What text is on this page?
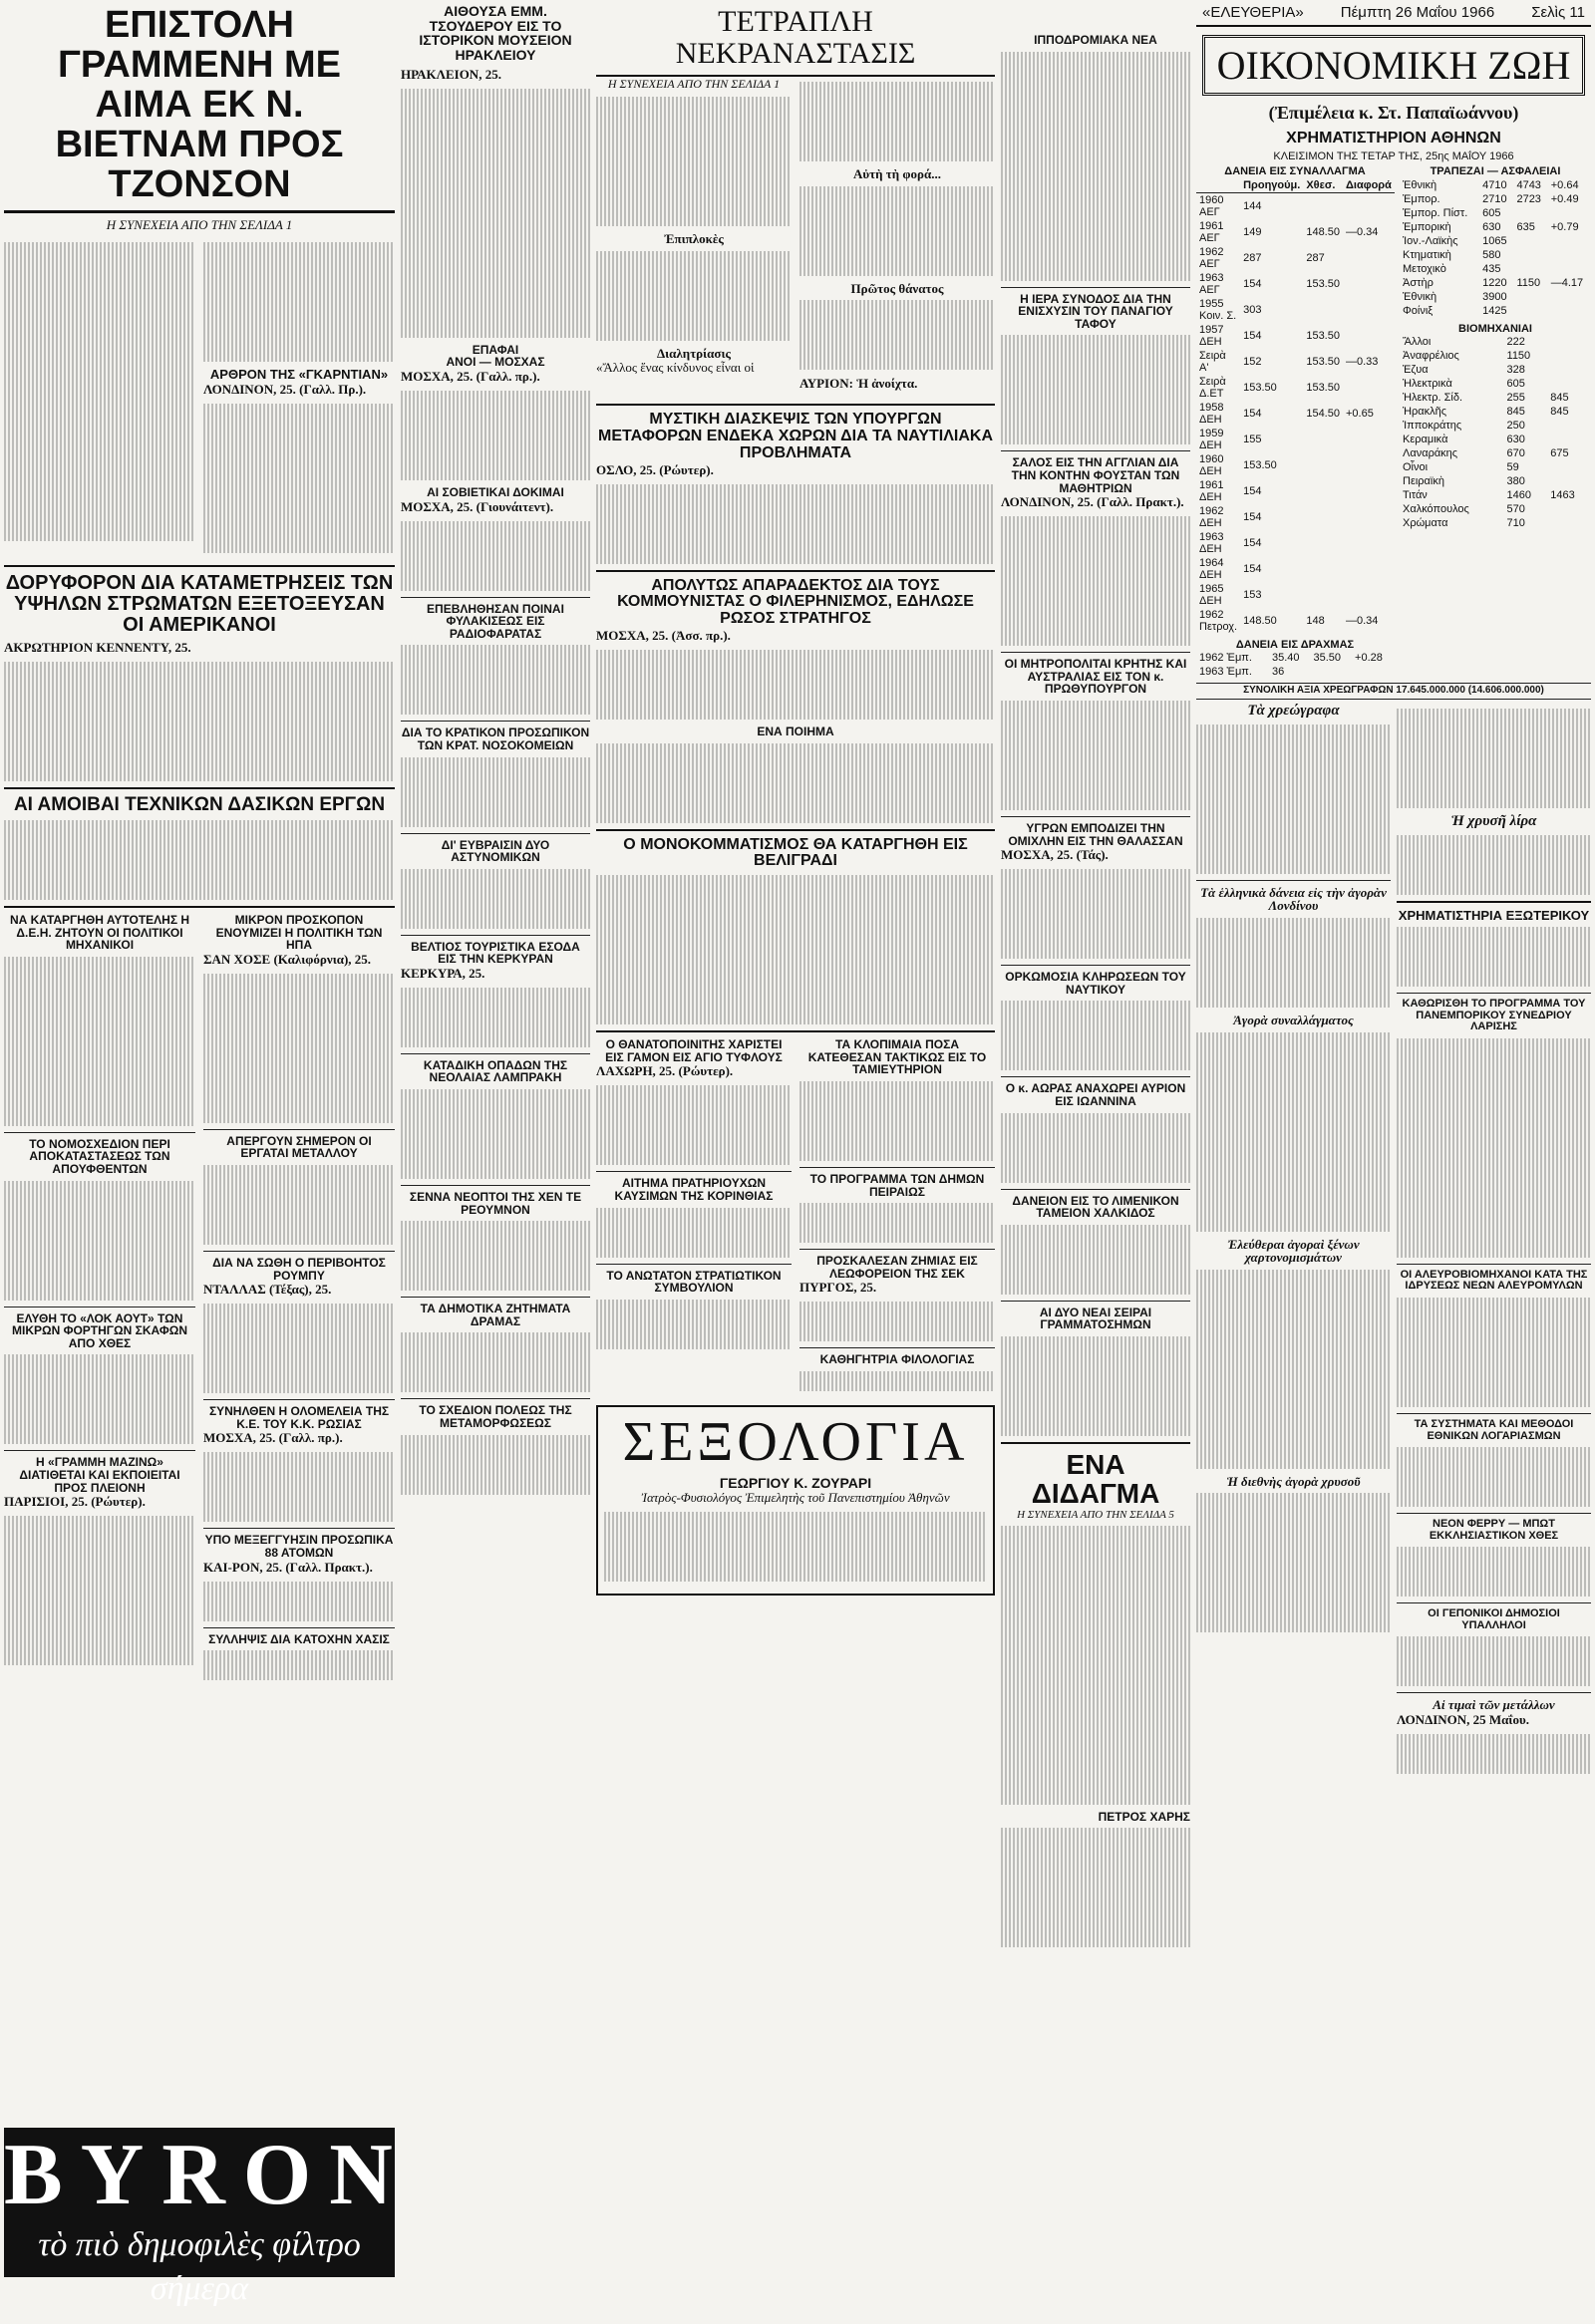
ΕΠΙΣΤΟΛΗ ΓΡΑΜΜΕΝΗ ΜΕ ΑΙΜΑ ΕΚ Ν. ΒΙΕΤΝΑΜ ΠΡΟΣ ΤΖΟΝΣΟΝ
Η ΣΥΝΕΧΕΙΑ ΑΠΟ ΤΗΝ ΣΕΛΙΔΑ 1

ΑΡΘΡΟΝ ΤΗΣ «ΓΚΑΡΝΤΙΑΝ»
ΛΟΝΔΙΝΟΝ, 25. (Γαλλ. Πρ.).

ΔΟΡΥΦΟΡΟΝ ΔΙΑ ΚΑΤΑΜΕΤΡΗΣΕΙΣ ΤΩΝ ΥΨΗΛΩΝ ΣΤΡΩΜΑΤΩΝ ΕΞΕΤΟΞΕΥΣΑΝ ΟΙ ΑΜΕΡΙΚΑΝΟΙ
ΑΚΡΩΤΗΡΙΟΝ ΚΕΝΝΕΝΤΥ, 25.

ΑΙ ΑΜΟΙΒΑΙ ΤΕΧΝΙΚΩΝ ΔΑΣΙΚΩΝ ΕΡΓΩΝ

ΝΑ ΚΑΤΑΡΓΗΘΗ ΑΥΤΟΤΕΛΗΣ Η Δ.Ε.Η. ΖΗΤΟΥΝ ΟΙ ΠΟΛΙΤΙΚΟΙ ΜΗΧΑΝΙΚΟΙ

ΤΟ ΝΟΜΟΣΧΕΔΙΟΝ ΠΕΡΙ ΑΠΟΚΑΤΑΣΤΑΣΕΩΣ ΤΩΝ ΑΠΟΥΦΘΕΝΤΩΝ

ΕΛΥΘΗ ΤΟ «ΛΟΚ ΑΟΥΤ» ΤΩΝ ΜΙΚΡΩΝ ΦΟΡΤΗΓΩΝ ΣΚΑΦΩΝ ΑΠΟ ΧΘΕΣ

Η «ΓΡΑΜΜΗ ΜΑΖΙΝΩ» ΔΙΑΤΙΘΕΤΑΙ ΚΑΙ ΕΚΠΟΙΕΙΤΑΙ ΠΡΟΣ ΠΛΕΙΟΝΗ
ΠΑΡΙΣΙΟΙ, 25. (Ρώυτερ).

ΜΙΚΡΟΝ ΠΡΟΣΚΟΠΟΝ ΕΝΟΥΜΙΖΕΙ Η ΠΟΛΙΤΙΚΗ ΤΩΝ ΗΠΑ
ΣΑΝ ΧΟΣΕ (Καλιφόρνια), 25.

ΑΠΕΡΓΟΥΝ ΣΗΜΕΡΟΝ ΟΙ ΕΡΓΑΤΑΙ ΜΕΤΑΛΛΟΥ

ΔΙΑ ΝΑ ΣΩΘΗ Ο ΠΕΡΙΒΟΗΤΟΣ ΡΟΥΜΠΥ
ΝΤΑΛΛΑΣ (Τέξας), 25.

ΣΥΝΗΛΘΕΝ Η ΟΛΟΜΕΛΕΙΑ ΤΗΣ Κ.Ε. ΤΟΥ Κ.Κ. ΡΩΣΙΑΣ
ΜΟΣΧΑ, 25. (Γαλλ. πρ.).

ΥΠΟ ΜΕΞΕΓΓΥΗΣΙΝ ΠΡΟΣΩΠΙΚΑ 88 ΑΤΟΜΩΝ
ΚΑΙ-ΡΟΝ, 25. (Γαλλ. Πρακτ.).

ΣΥΛΛΗΨΙΣ ΔΙΑ ΚΑΤΟΧΗΝ ΧΑΣΙΣ

BYRON
τὸ πιὸ δημοφιλὲς φίλτρο σήμερα
ΑΙΘΟΥΣΑ ΕΜΜ. ΤΣΟΥΔΕΡΟΥ ΕΙΣ ΤΟ ΙΣΤΟΡΙΚΟΝ ΜΟΥΣΕΙΟΝ ΗΡΑΚΛΕΙΟΥ
ΗΡΑΚΛΕΙΟΝ, 25.

ΕΠΑΦΑΙ
ΑΝΟΙ — ΜΟΣΧΑΣ
ΜΟΣΧΑ, 25. (Γαλλ. πρ.).

ΑΙ ΣΟΒΙΕΤΙΚΑΙ ΔΟΚΙΜΑΙ
ΜΟΣΧΑ, 25. (Γιουνάιτεντ).

ΕΠΕΒΛΗΘΗΣΑΝ ΠΟΙΝΑΙ ΦΥΛΑΚΙΣΕΩΣ ΕΙΣ ΡΑΔΙΟΦΑΡΑΤΑΣ

ΔΙΑ ΤΟ ΚΡΑΤΙΚΟΝ ΠΡΟΣΩΠΙΚΟΝ ΤΩΝ ΚΡΑΤ. ΝΟΣΟΚΟΜΕΙΩΝ

ΔΙ' ΕΥΒΡΑΙΣΙΝ ΔΥΟ ΑΣΤΥΝΟΜΙΚΩΝ

ΒΕΛΤΙΟΣ ΤΟΥΡΙΣΤΙΚΑ ΕΣΟΔΑ ΕΙΣ ΤΗΝ ΚΕΡΚΥΡΑΝ
ΚΕΡΚΥΡΑ, 25.

ΚΑΤΑΔΙΚΗ ΟΠΑΔΩΝ ΤΗΣ ΝΕΟΛΑΙΑΣ ΛΑΜΠΡΑΚΗ

ΣΕΝΝΑ ΝΕΟΠΤΟΙ ΤΗΣ ΧΕΝ ΤΕ ΡΕΟΥΜΝΟΝ

ΤΑ ΔΗΜΟΤΙΚΑ ΖΗΤΗΜΑΤΑ ΔΡΑΜΑΣ

ΤΟ ΣΧΕΔΙΟΝ ΠΟΛΕΩΣ ΤΗΣ ΜΕΤΑΜΟΡΦΩΣΕΩΣ

ΤΕΤΡΑΠΛΗ ΝΕΚΡΑΝΑΣΤΑΣΙΣ
Η ΣΥΝΕΧΕΙΑ ΑΠΟ ΤΗΝ ΣΕΛΙΔΑ 1

Ἐπιπλοκὲς

Διαλητρίασις
«Ἄλλος ἕνας κίνδυνος εἶναι οἱ

Αὐτὴ τὴ φορά...

Πρῶτος θάνατος

ΑΥΡΙΟΝ: Ἡ ἀνοίχτα.
ΜΥΣΤΙΚΗ ΔΙΑΣΚΕΨΙΣ ΤΩΝ ΥΠΟΥΡΓΩΝ ΜΕΤΑΦΟΡΩΝ ΕΝΔΕΚΑ ΧΩΡΩΝ ΔΙΑ ΤΑ ΝΑΥΤΙΛΙΑΚΑ ΠΡΟΒΛΗΜΑΤΑ
ΟΣΛΟ, 25. (Ρώυτερ).

ΑΠΟΛΥΤΩΣ ΑΠΑΡΑΔΕΚΤΟΣ ΔΙΑ ΤΟΥΣ ΚΟΜΜΟΥΝΙΣΤΑΣ Ο ΦΙΛΕΡΗΝΙΣΜΟΣ, ΕΔΗΛΩΣΕ ΡΩΣΟΣ ΣΤΡΑΤΗΓΟΣ
ΜΟΣΧΑ, 25. (Ἀσσ. πρ.).

ΕΝΑ ΠΟΙΗΜΑ

Ο ΜΟΝΟΚΟΜΜΑΤΙΣΜΟΣ ΘΑ ΚΑΤΑΡΓΗΘΗ ΕΙΣ ΒΕΛΙΓΡΑΔΙ

Ο ΘΑΝΑΤΟΠΟΙΝΙΤΗΣ ΧΑΡΙΣΤΕΙ ΕΙΣ ΓΑΜΟΝ ΕΙΣ ΑΓΙΟ ΤΥΦΛΟΥΣ
ΛΑΧΩΡΗ, 25. (Ρώυτερ).

ΑΙΤΗΜΑ ΠΡΑΤΗΡΙΟΥΧΩΝ ΚΑΥΣΙΜΩΝ ΤΗΣ ΚΟΡΙΝΘΙΑΣ

ΤΟ ΑΝΩΤΑΤΟΝ ΣΤΡΑΤΙΩΤΙΚΟΝ ΣΥΜΒΟΥΛΙΟΝ

ΤΑ ΚΛΟΠΙΜΑΙΑ ΠΟΣΑ ΚΑΤΕΘΕΣΑΝ ΤΑΚΤΙΚΩΣ ΕΙΣ ΤΟ ΤΑΜΙΕΥΤΗΡΙΟΝ

ΤΟ ΠΡΟΓΡΑΜΜΑ ΤΩΝ ΔΗΜΩΝ ΠΕΙΡΑΙΩΣ

ΠΡΟΣΚΑΛΕΣΑΝ ΖΗΜΙΑΣ ΕΙΣ ΛΕΩΦΟΡΕΙΟΝ ΤΗΣ ΣΕΚ
ΠΥΡΓΟΣ, 25.

ΚΑΘΗΓΗΤΡΙΑ ΦΙΛΟΛΟΓΙΑΣ

ΣΕΞΟΛΟΓΙΑ
ΓΕΩΡΓΙΟΥ Κ. ΖΟΥΡΑΡΙ
Ἰατρὸς-Φυσιολόγος Ἐπιμελητὴς τοῦ Πανεπιστημίου Ἀθηνῶν

ΙΠΠΟΔΡΟΜΙΑΚΑ ΝΕΑ

Η ΙΕΡΑ ΣΥΝΟΔΟΣ ΔΙΑ ΤΗΝ ΕΝΙΣΧΥΣΙΝ ΤΟΥ ΠΑΝΑΓΙΟΥ ΤΑΦΟΥ

ΣΑΛΟΣ ΕΙΣ ΤΗΝ ΑΓΓΛΙΑΝ ΔΙΑ ΤΗΝ ΚΟΝΤΗΝ ΦΟΥΣΤΑΝ ΤΩΝ ΜΑΘΗΤΡΙΩΝ
ΛΟΝΔΙΝΟΝ, 25. (Γαλλ. Πρακτ.).

ΟΙ ΜΗΤΡΟΠΟΛΙΤΑΙ ΚΡΗΤΗΣ ΚΑΙ ΑΥΣΤΡΑΛΙΑΣ ΕΙΣ ΤΟΝ κ. ΠΡΩΘΥΠΟΥΡΓΟΝ

ΥΓΡΩΝ ΕΜΠΟΔΙΖΕΙ ΤΗΝ ΟΜΙΧΛΗΝ ΕΙΣ ΤΗΝ ΘΑΛΑΣΣΑΝ
ΜΟΣΧΑ, 25. (Τάς).

ΟΡΚΩΜΟΣΙΑ ΚΛΗΡΩΣΕΩΝ ΤΟΥ ΝΑΥΤΙΚΟΥ

Ο κ. ΑΩΡΑΣ ΑΝΑΧΩΡΕΙ ΑΥΡΙΟΝ ΕΙΣ ΙΩΑΝΝΙΝΑ

ΔΑΝΕΙΟΝ ΕΙΣ ΤΟ ΛΙΜΕΝΙΚΟΝ ΤΑΜΕΙΟΝ ΧΑΛΚΙΔΟΣ

ΑΙ ΔΥΟ ΝΕΑΙ ΣΕΙΡΑΙ ΓΡΑΜΜΑΤΟΣΗΜΩΝ

ΕΝΑ ΔΙΔΑΓΜΑ
Η ΣΥΝΕΧΕΙΑ ΑΠΟ ΤΗΝ ΣΕΛΙΔΑ 5

ΠΕΤΡΟΣ ΧΑΡΗΣ

«ΕΛΕΥΘΕΡΙΑ» Πέμπτη 26 Μαΐου 1966 Σελὶς 11
ΟΙΚΟΝΟΜΙΚΗ ΖΩΗ
(Ἐπιμέλεια κ. Στ. Παπαϊωάννου)
ΧΡΗΜΑΤΙΣΤΗΡΙΟΝ ΑΘΗΝΩΝ
ΚΛΕΙΣΙΜΟΝ ΤΗΣ ΤΕΤΑΡ ΤΗΣ, 25ης ΜΑΐΟΥ 1966
ΔΑΝΕΙΑ ΕΙΣ ΣΥΝΑΛΛΑΓΜΑ
	Προηγούμ.	Χθεσ.	Διαφορά
1960 ΑΕΓ	144		
1961 ΑΕΓ	149	148.50	—0.34
1962 ΑΕΓ	287	287	
1963 ΑΕΓ	154	153.50	
1955 Κοιν. Σ.	303		
1957 ΔΕΗ	154	153.50	
Σειρὰ Α'	152	153.50	—0.33
Σειρὰ Δ.ΕΤ	153.50	153.50	
1958 ΔΕΗ	154	154.50	+0.65
1959 ΔΕΗ	155		
1960 ΔΕΗ	153.50		
1961 ΔΕΗ	154		
1962 ΔΕΗ	154		
1963 ΔΕΗ	154		
1964 ΔΕΗ	154		
1965 ΔΕΗ	153		
1962 Πετροχ.	148.50	148	—0.34
ΔΑΝΕΙΑ ΕΙΣ ΔΡΑΧΜΑΣ
1962 Ἐμπ.	35.40	35.50	+0.28
1963 Ἐμπ.	36		
ΤΡΑΠΕΖΑΙ — ΑΣΦΑΛΕΙΑΙ
Ἐθνικὴ	4710	4743	+0.64
Ἐμπορ.	2710	2723	+0.49
Ἐμπορ. Πίστ.	605		
Ἐμπορικὴ	630	635	+0.79
Ἰον.-Λαϊκὴς	1065		
Κτηματικὴ	580		
Μετοχικὸ	435		
Ἀστὴρ	1220	1150	—4.17
Ἐθνικὴ	3900		
Φοίνιξ	1425		
ΒΙΟΜΗΧΑΝΙΑΙ
Ἄλλοι	222	
Ἀναφρέλιος	1150	
Ἐζυα	328	
Ἡλεκτρικὰ	605	
Ἡλεκτρ. Σίδ.	255	845
Ἡρακλῆς	845	845
Ἰπποκράτης	250	
Κεραμικὰ	630	
Λαναράκης	670	675
Οἶνοι	59	
Πειραϊκὴ	380	
Τιτάν	1460	1463
Χαλκόπουλος	570	
Χρώματα	710	
ΣΥΝΟΛΙΚΗ ΑΞΙΑ ΧΡΕΩΓΡΑΦΩΝ 17.645.000.000 (14.606.000.000)
Τὰ χρεώγραφα

Τὰ ἑλληνικὰ δάνεια εἰς τὴν ἀγορὰν Λονδίνου

Ἀγορὰ συναλλάγματος

Ἐλεύθεραι ἀγοραὶ ξένων χαρτονομισμάτων

Ἡ διεθνὴς ἀγορὰ χρυσοῦ

Ἡ χρυσῆ λίρα

ΧΡΗΜΑΤΙΣΤΗΡΙΑ ΕΞΩΤΕΡΙΚΟΥ

ΚΑΘΩΡΙΣΘΗ ΤΟ ΠΡΟΓΡΑΜΜΑ ΤΟΥ ΠΑΝΕΜΠΟΡΙΚΟΥ ΣΥΝΕΔΡΙΟΥ ΛΑΡΙΣΗΣ

ΟΙ ΑΛΕΥΡΟΒΙΟΜΗΧΑΝΟΙ ΚΑΤΑ ΤΗΣ ΙΔΡΥΣΕΩΣ ΝΕΩΝ ΑΛΕΥΡΟΜΥΛΩΝ

ΤΑ ΣΥΣΤΗΜΑΤΑ ΚΑΙ ΜΕΘΟΔΟΙ ΕΘΝΙΚΩΝ ΛΟΓΑΡΙΑΣΜΩΝ

ΝΕΟΝ ΦΕΡΡΥ — ΜΠΩΤ ΕΚΚΛΗΣΙΑΣΤΙΚΟΝ ΧΘΕΣ

ΟΙ ΓΕΠΟΝΙΚΟΙ ΔΗΜΟΣΙΟΙ ΥΠΑΛΛΗΛΟΙ

Αἱ τιμαὶ τῶν μετάλλων
ΛΟΝΔΙΝΟΝ, 25 Μαΐου.
